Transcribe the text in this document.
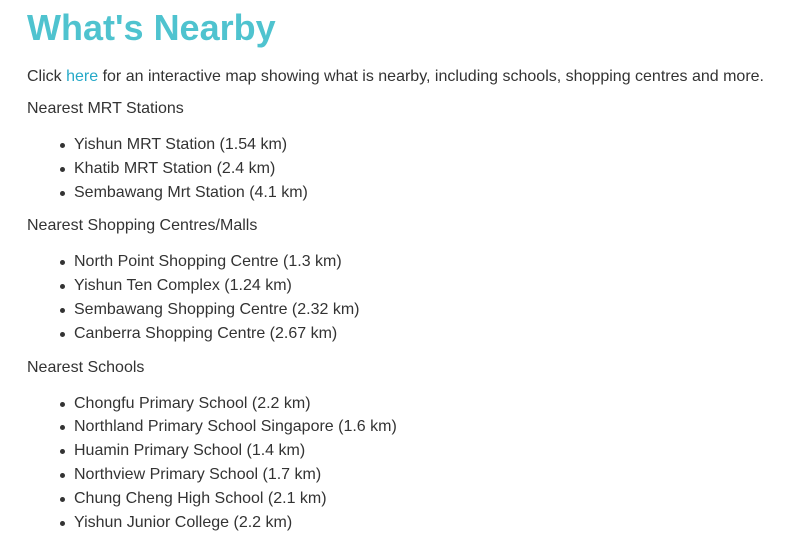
What's Nearby

Click here for an interactive map showing what is nearby, including schools, shopping centres and more.

Nearest MRT Stations

Yishun MRT Station (1.54 km)
Khatib MRT Station (2.4 km)
Sembawang Mrt Station (4.1 km)

Nearest Shopping Centres/Malls

North Point Shopping Centre (1.3 km)
Yishun Ten Complex (1.24 km)
Sembawang Shopping Centre (2.32 km)
Canberra Shopping Centre (2.67 km)

Nearest Schools

Chongfu Primary School (2.2 km)
Northland Primary School Singapore (1.6 km)
Huamin Primary School (1.4 km)
Northview Primary School (1.7 km)
Chung Cheng High School (2.1 km)
Yishun Junior College (2.2 km)
